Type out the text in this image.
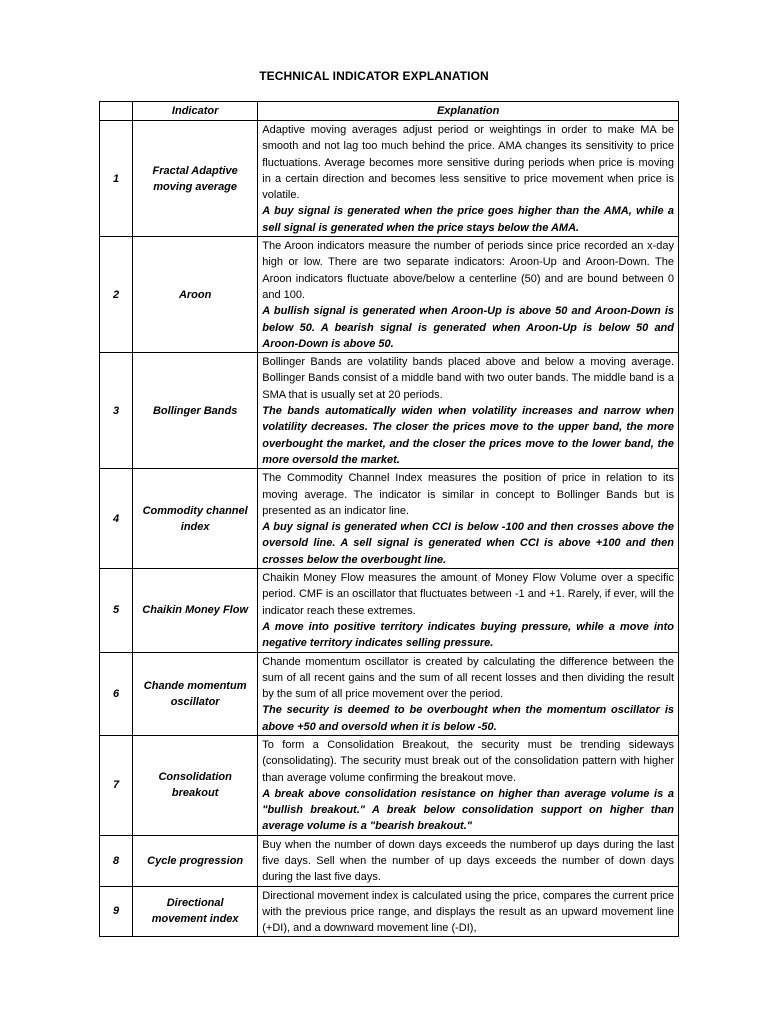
TECHNICAL INDICATOR EXPLANATION
	Indicator	Explanation
1	Fractal Adaptive moving average	Adaptive moving averages adjust period or weightings in order to make MA be smooth and not lag too much behind the price. AMA changes its sensitivity to price fluctuations. Average becomes more sensitive during periods when price is moving in a certain direction and becomes less sensitive to price movement when price is volatile.

A buy signal is generated when the price goes higher than the AMA, while a sell signal is generated when the price stays below the AMA.

2	Aroon	The Aroon indicators measure the number of periods since price recorded an x-day high or low. There are two separate indicators: Aroon-Up and Aroon-Down. The Aroon indicators fluctuate above/below a centerline (50) and are bound between 0 and 100.

A bullish signal is generated when Aroon-Up is above 50 and Aroon-Down is below 50. A bearish signal is generated when Aroon-Up is below 50 and Aroon-Down is above 50.

3	Bollinger Bands	Bollinger Bands are volatility bands placed above and below a moving average. Bollinger Bands consist of a middle band with two outer bands. The middle band is a SMA that is usually set at 20 periods.

The bands automatically widen when volatility increases and narrow when volatility decreases. The closer the prices move to the upper band, the more overbought the market, and the closer the prices move to the lower band, the more oversold the market.

4	Commodity channel index	The Commodity Channel Index measures the position of price in relation to its moving average. The indicator is similar in concept to Bollinger Bands but is presented as an indicator line.

A buy signal is generated when CCI is below -100 and then crosses above the oversold line. A sell signal is generated when CCI is above +100 and then crosses below the overbought line.

5	Chaikin Money Flow	Chaikin Money Flow measures the amount of Money Flow Volume over a specific period. CMF is an oscillator that fluctuates between -1 and +1. Rarely, if ever, will the indicator reach these extremes.

A move into positive territory indicates buying pressure, while a move into negative territory indicates selling pressure.

6	Chande momentum oscillator	Chande momentum oscillator is created by calculating the difference between the sum of all recent gains and the sum of all recent losses and then dividing the result by the sum of all price movement over the period.

The security is deemed to be overbought when the momentum oscillator is above +50 and oversold when it is below -50.

7	Consolidation breakout	To form a Consolidation Breakout, the security must be trending sideways (consolidating). The security must break out of the consolidation pattern with higher than average volume confirming the breakout move.

A break above consolidation resistance on higher than average volume is a "bullish breakout." A break below consolidation support on higher than average volume is a "bearish breakout."

8	Cycle progression	Buy when the number of down days exceeds the numberof up days during the last five days. Sell when the number of up days exceeds the number of down days during the last five days.

9	Directional movement index	Directional movement index is calculated using the price, compares the current price with the previous price range, and displays the result as an upward movement line (+DI), and a downward movement line (-DI),
